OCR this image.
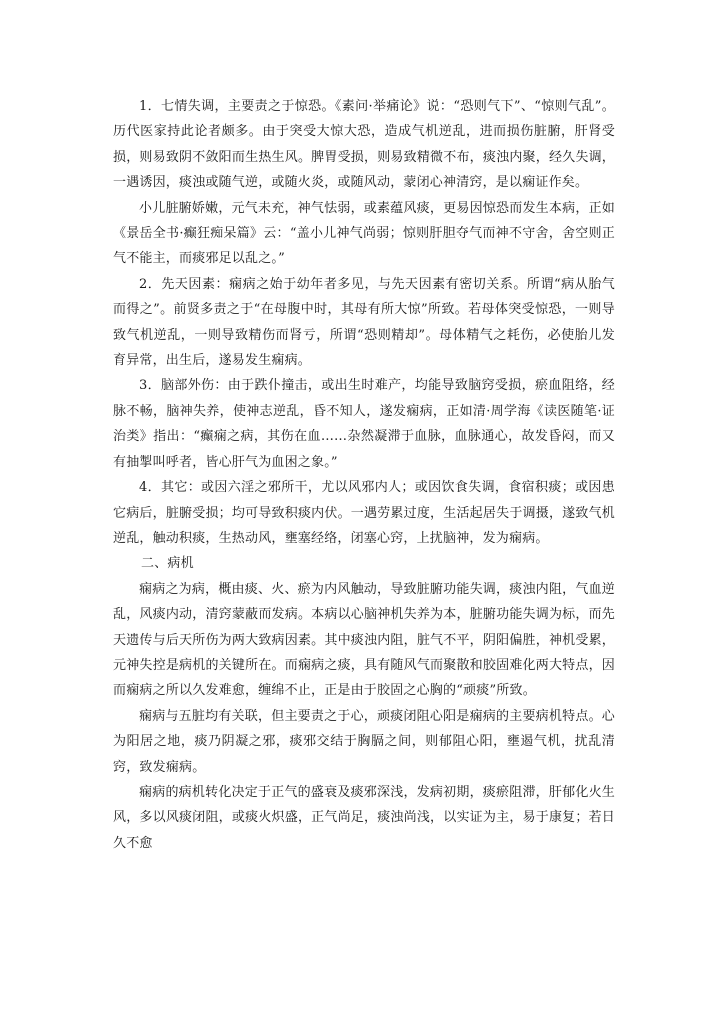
1．七情失调，主要责之于惊恐。《素问·举痛论》说：“恐则气下”、“惊则气乱”。历代医家持此论者颇多。由于突受大惊大恐，造成气机逆乱，进而损伤脏腑，肝肾受损，则易致阴不敛阳而生热生风。脾胃受损，则易致精微不布，痰浊内聚，经久失调，一遇诱因，痰浊或随气逆，或随火炎，或随风动，蒙闭心神清窍，是以痫证作矣。

小儿脏腑娇嫩，元气未充，神气怯弱，或素蕴风痰，更易因惊恐而发生本病，正如《景岳全书·癫狂痴呆篇》云：“盖小儿神气尚弱；惊则肝胆夺气而神不守舍，舍空则正气不能主，而痰邪足以乱之。”

2．先天因素：痫病之始于幼年者多见，与先天因素有密切关系。所谓“病从胎气而得之”。前贤多责之于“在母腹中时，其母有所大惊”所致。若母体突受惊恐，一则导致气机逆乱，一则导致精伤而肾亏，所谓“恐则精却”。母体精气之耗伤，必使胎儿发育异常，出生后，遂易发生痫病。

3．脑部外伤：由于跌仆撞击，或出生时难产，均能导致脑窍受损，瘀血阻络，经脉不畅，脑神失养，使神志逆乱，昏不知人，遂发痫病，正如清·周学海《读医随笔·证治类》指出：“癫痫之病，其伤在血……杂然凝滞于血脉，血脉通心，故发昏闷，而又有抽掣叫呼者，皆心肝气为血困之象。”

4．其它：或因六淫之邪所干，尤以风邪内人；或因饮食失调，食宿积痰；或因患它病后，脏腑受损；均可导致积痰内伏。一遇劳累过度，生活起居失于调摄，遂致气机逆乱，触动积痰，生热动风，壅塞经络，闭塞心窍，上扰脑神，发为痫病。

二、病机

痫病之为病，概由痰、火、瘀为内风触动，导致脏腑功能失调，痰浊内阻，气血逆乱，风痰内动，清窍蒙蔽而发病。本病以心脑神机失养为本，脏腑功能失调为标，而先天遗传与后天所伤为两大致病因素。其中痰浊内阻，脏气不平，阴阳偏胜，神机受累，元神失控是病机的关键所在。而痫病之痰，具有随风气而聚散和胶固难化两大特点，因而痫病之所以久发难愈，缠绵不止，正是由于胶固之心胸的“顽痰”所致。

痫病与五脏均有关联，但主要责之于心，顽痰闭阻心阳是痫病的主要病机特点。心为阳居之地，痰乃阴凝之邪，痰邪交结于胸膈之间，则郁阻心阳，壅遏气机，扰乱清窍，致发痫病。

痫病的病机转化决定于正气的盛衰及痰邪深浅，发病初期，痰瘀阻滞，肝郁化火生风，多以风痰闭阻，或痰火炽盛，正气尚足，痰浊尚浅，以实证为主，易于康复；若日久不愈
